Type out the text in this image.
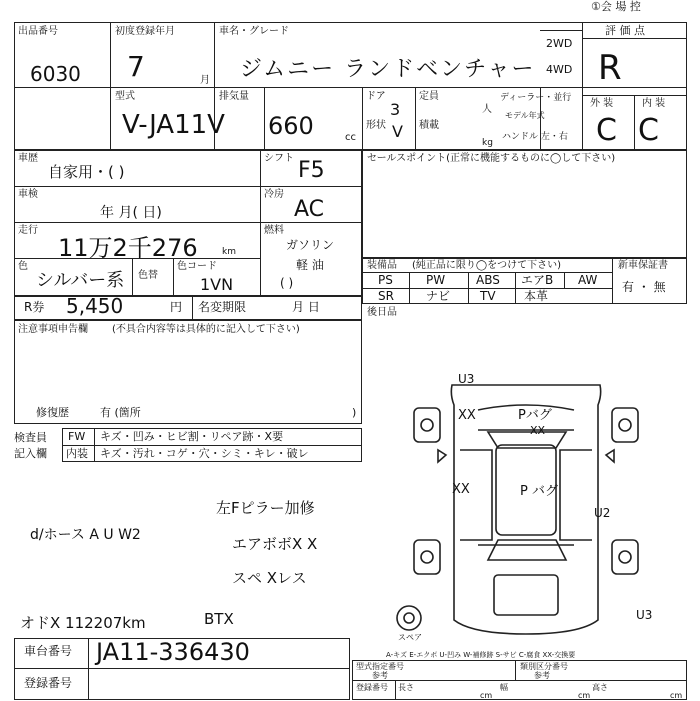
①会 場 控
出品番号
6030
初度登録年月
7	月
車名・グレード
ジムニー ランドベンチャー
2WD
4WD
評 価 点
R
型式
V-JA11V
排気量
660	cc
ドア
3
形状 V
定員
人
積載
kg
ディーラー・並行
モデル年式
ハンドル 左・右
外 装	内 装
C C
車歴
自家用・( )
車検
年 月( 日)
走行
11万2千276	km
色
シルバー系 色替
色コード
1VN
シフト F5
冷房
AC
燃料
ガソリン
軽 油
( )
R券 5,450	円 名変期限	月 日
注意事項申告欄 (不具合内容等は具体的に記入して下さい)
修復歴	有 (箇所	)
セールスポイント(正常に機能するものに◯して下さい)
装備品 (純正品に限り◯をつけて下さい)	新車保証書
有 ・ 無
PS	PW	ABS エアB AW
SR	ナビ TV 本革
後日品
検査員
記入欄
FW キズ・凹み・ヒビ割・リペア跡・X要
内装 キズ・汚れ・コゲ・穴・シミ・キレ・破レ
左Fピラー加修
d/ホース A U W2	エアボボX X
スペ Xレス
オドX 112207km	BTX
U3
XX	Pバグ
XX
XX	P バグ
U2
U3
スペア
A-キズ E-エクボ U-凹み W-補修跡 S-サビ C-腐食 XX-交換要
車台番号 JA11-336430
登録番号
型式指定番号
参考
類別区分番号
参考
登録番号 長さ
cm
幅
cm
高さ
cm
